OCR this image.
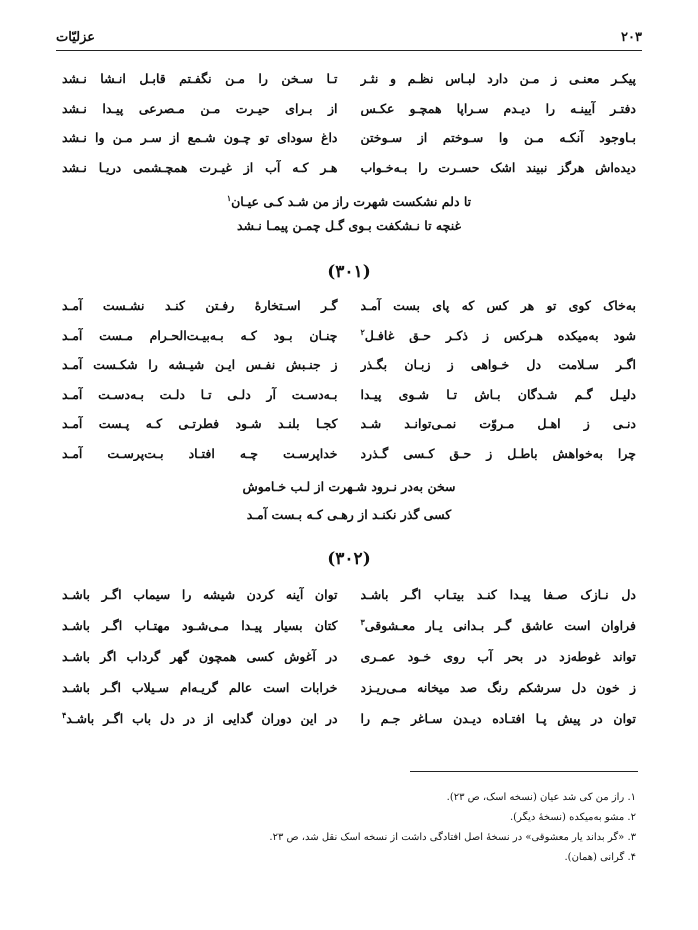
۲۰۳
عزلیّات
پیکـر معنـی ز مـن دارد لبـاس نظـم و نثـر
تـا سـخن را مـن نگفـتم قابـل انـشا نـشد
دفتـر آیینـه را دیـدم سـراپا همچـو عکـس
از بـرای حیـرت مـن مـصرعی پیـدا نـشد
بـاوجود آنکـه مـن وا سـوختم از سـوختن
داغ سودای تو چـون شـمع از سـر مـن وا نـشد
دیده‌اش هرگز نبیند اشک حسـرت را بـه‌خـواب
هـر کـه آب از غیـرت همچـشمی دریـا نـشد
تا دلم نشکست شهرت راز من شـد کـی عیـان$^۱$
غنچه تا نـشکفت بـوی گـل چمـن پیمـا نـشد
(۳۰۱)
به‌خاک کوی تو هر کس که پای بست آمـد
گـر اسـتخارهٔ رفـتن کنـد نشـست آمـد
شود به‌میکده هـرکس ز ذکـر حـق غافـل$^۲$
چنـان بـود کـه بـه‌بیـت‌الحـرام مـست آمـد
اگـر سـلامت دل خـواهی ز زبـان بگـذر
ز جنـبش نفـس ایـن شیـشه را شکـست آمـد
دلیـل گـم شـدگان بـاش تـا شـوی پیـدا
بـه‌دسـت آر دلـی تـا دلـت بـه‌دسـت آمـد
دنـی ز اهـل مـروّت نمـی‌توانـد شـد
کجـا بلنـد شـود فطرتـی کـه پـست آمـد
چرا به‌خواهش باطـل ز حـق کـسی گـذرد
خداپرسـت چـه افتـاد بـت‌پرسـت آمـد
سخن به‌در نـرود شـهرت از لـب خـاموش
کسی گذر نکنـد از رهـی کـه بـست آمـد
(۳۰۲)
دل نـازک صـفا پیـدا کنـد بیتـاب اگـر باشـد
توان آینه کردن شیشه را سیماب اگـر باشـد
فراوان است عاشق گـر بـدانی یـار معـشوقی$^۳$
کتان بسیار پیـدا مـی‌شـود مهتـاب اگـر باشـد
تواند غوطه‌زد در بحر آب روی خـود عمـری
در آغوش کسی همچون گهر گرداب اگر باشـد
ز خون دل سرشکم رنگ صد میخانه مـی‌ریـزد
خرابات است عالم گریـه‌ام سـیلاب اگـر باشـد
توان در پیش پـا افتـاده دیـدن سـاغر جـم را
در این دوران گدایی از در دل باب اگـر باشـد$^۴$
۱. راز من کی شد عیان (نسخه اسک، ص ۲۳).
۲. مشو به‌میکده (نسخهٔ دیگر).
۳. «گر بداند یار معشوقی» در نسخهٔ اصل افتادگی داشت از نسخه اسک نقل شد، ص ۲۳.
۴. گرانی (همان).
